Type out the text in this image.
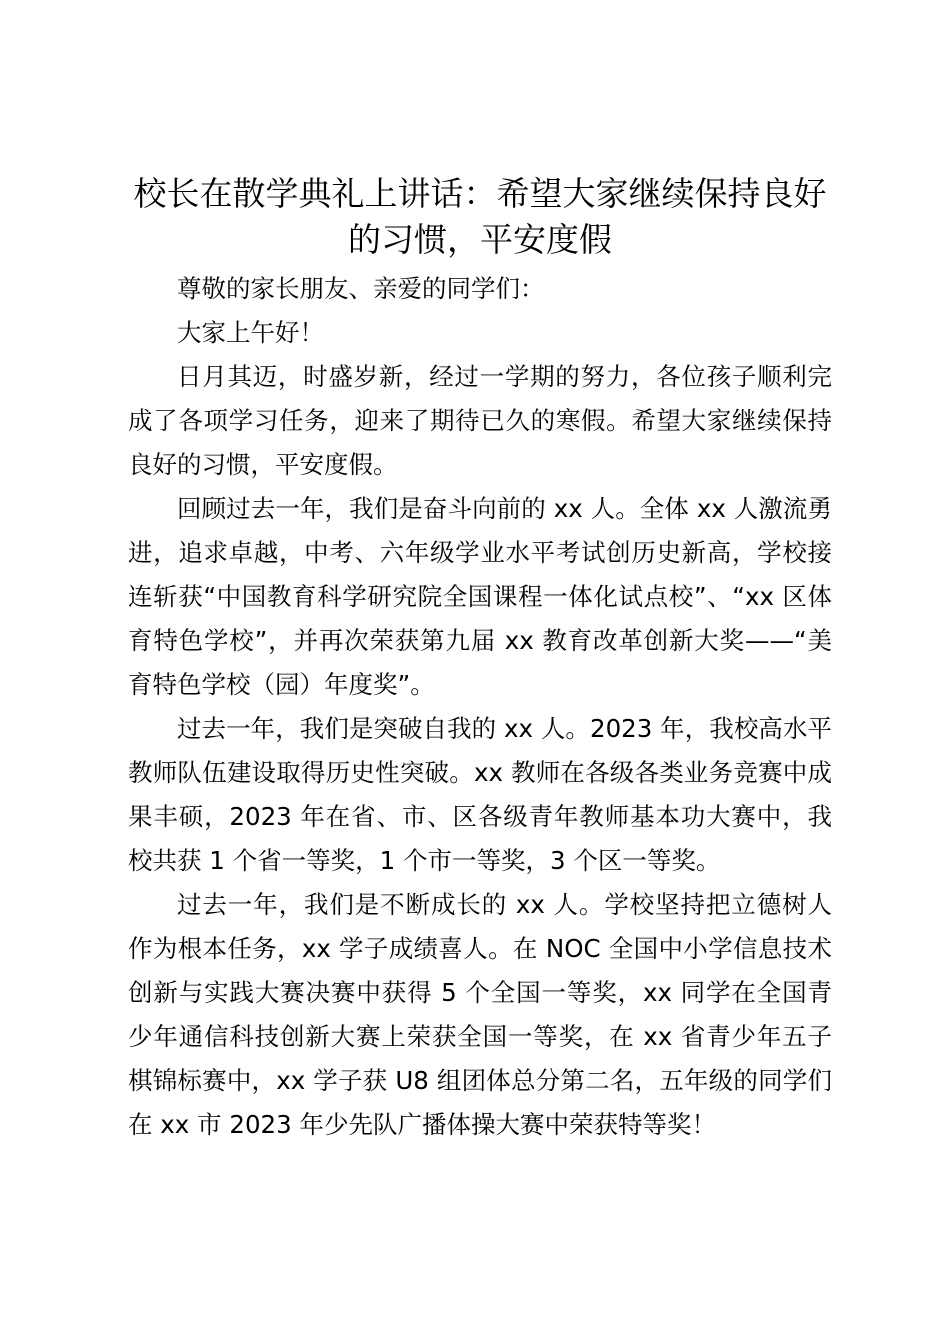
校长在散学典礼上讲话：希望大家继续保持良好的习惯，平安度假

尊敬的家长朋友、亲爱的同学们：

大家上午好！

日月其迈，时盛岁新，经过一学期的努力，各位孩子顺利完成了各项学习任务，迎来了期待已久的寒假。希望大家继续保持良好的习惯，平安度假。

回顾过去一年，我们是奋斗向前的 xx 人。全体 xx 人激流勇进，追求卓越，中考、六年级学业水平考试创历史新高，学校接连斩获“中国教育科学研究院全国课程一体化试点校”、“xx 区体育特色学校”，并再次荣获第九届 xx 教育改革创新大奖——“美育特色学校（园）年度奖”。

过去一年，我们是突破自我的 xx 人。2023 年，我校高水平教师队伍建设取得历史性突破。xx 教师在各级各类业务竞赛中成果丰硕，2023 年在省、市、区各级青年教师基本功大赛中，我校共获 1 个省一等奖，1 个市一等奖，3 个区一等奖。

过去一年，我们是不断成长的 xx 人。学校坚持把立德树人作为根本任务，xx 学子成绩喜人。在 NOC 全国中小学信息技术创新与实践大赛决赛中获得 5 个全国一等奖，xx 同学在全国青少年通信科技创新大赛上荣获全国一等奖，在 xx 省青少年五子棋锦标赛中，xx 学子获 U8 组团体总分第二名，五年级的同学们在 xx 市 2023 年少先队广播体操大赛中荣获特等奖！
